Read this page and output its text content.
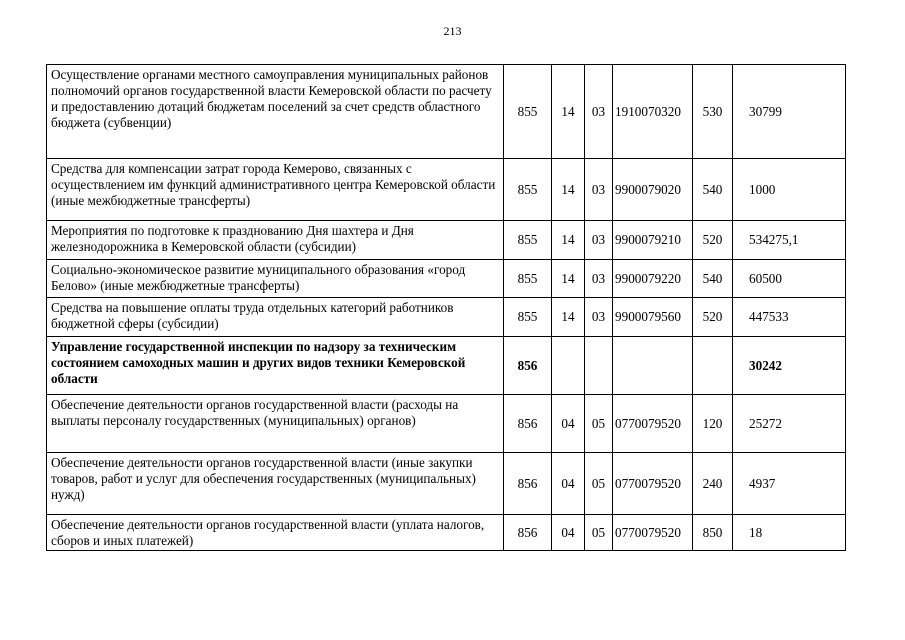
213
Осуществление органами местного самоуправления муниципальных районов полномочий органов государственной власти Кемеровской области по расчету и предоставлению дотаций бюджетам поселений за счет средств областного бюджета (субвенции)	855	14	03	1910070320	530	30799
Средства для компенсации затрат города Кемерово, связанных с осуществлением им функций административного центра Кемеровской области (иные межбюджетные трансферты)	855	14	03	9900079020	540	1000
Мероприятия по подготовке к празднованию Дня шахтера и Дня железнодорожника в Кемеровской области (субсидии)	855	14	03	9900079210	520	534275,1
Социально-экономическое развитие муниципального образования «город Белово» (иные межбюджетные трансферты)	855	14	03	9900079220	540	60500
Средства на повышение оплаты труда отдельных категорий работников бюджетной сферы (субсидии)	855	14	03	9900079560	520	447533
Управление государственной инспекции по надзору за техническим состоянием самоходных машин и других видов техники Кемеровской области	856					30242
Обеспечение деятельности органов государственной власти (расходы на выплаты персоналу государственных (муниципальных) органов)	856	04	05	0770079520	120	25272
Обеспечение деятельности органов государственной власти (иные закупки товаров, работ и услуг для обеспечения государственных (муниципальных) нужд)	856	04	05	0770079520	240	4937
Обеспечение деятельности органов государственной власти (уплата налогов, сборов и иных платежей)	856	04	05	0770079520	850	18
